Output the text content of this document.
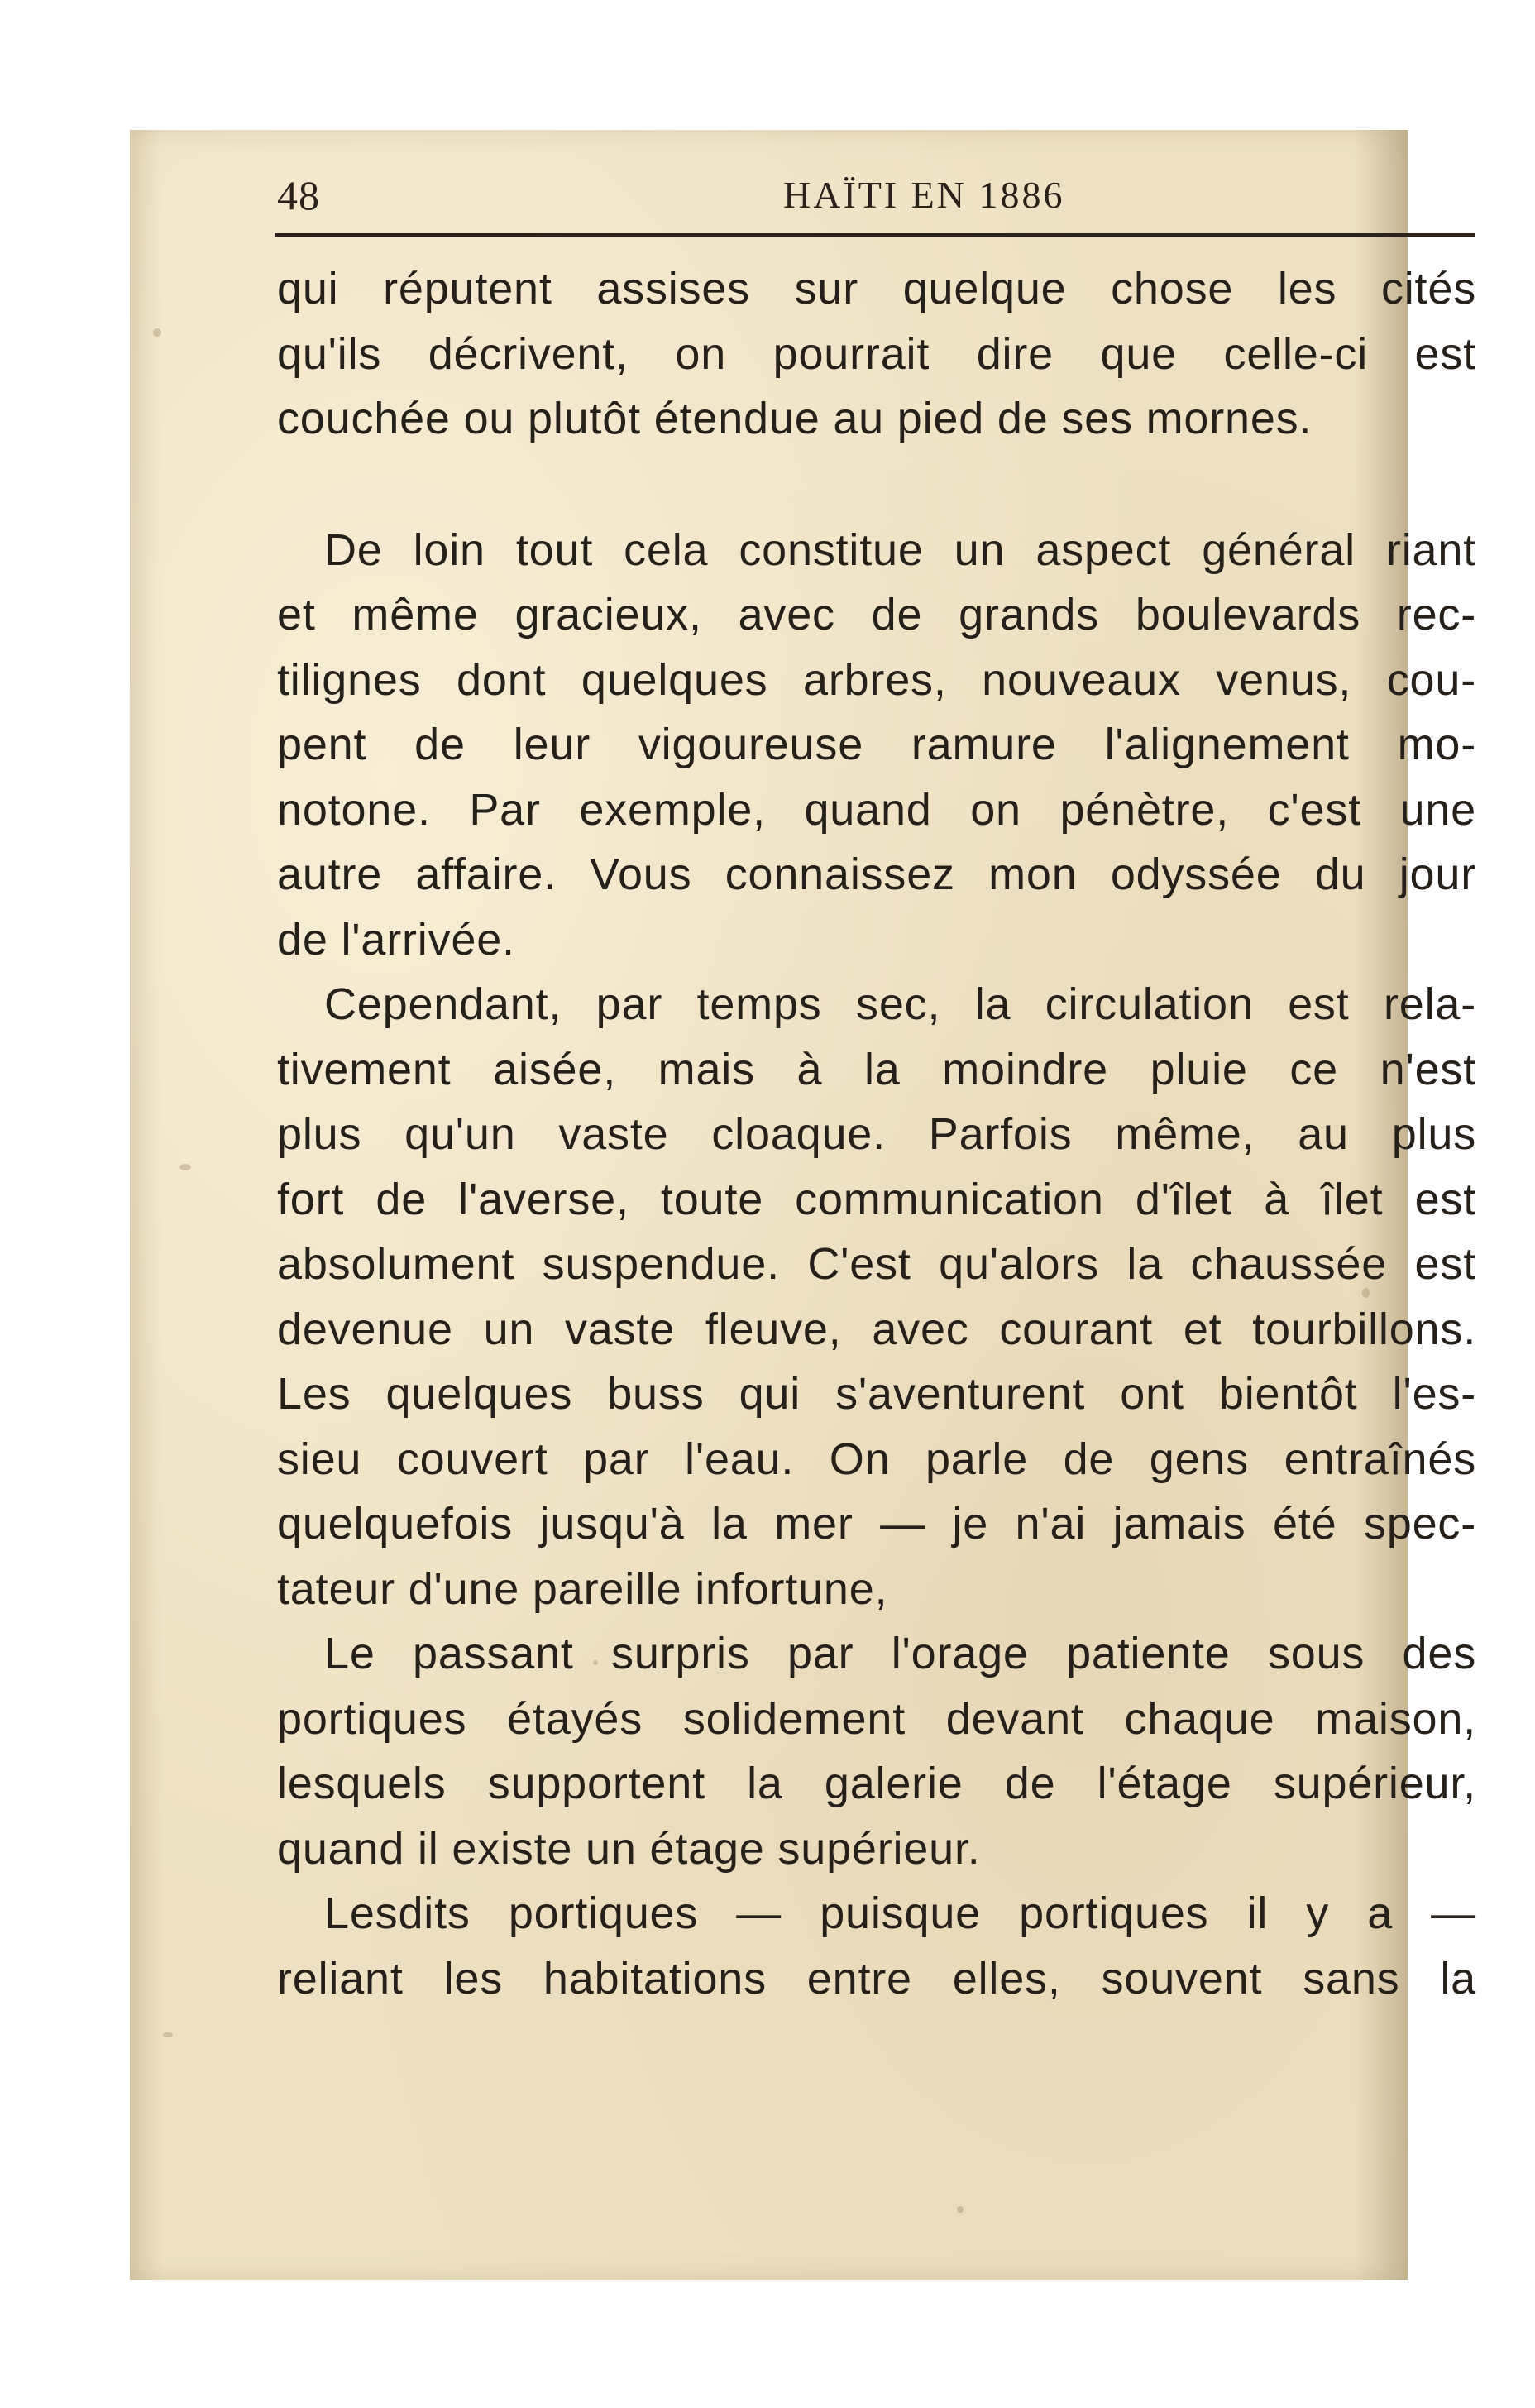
48	HAÏTI EN 1886
qui réputent assises sur quelque chose les cités
qu'ils décrivent, on pourrait dire que celle-ci est
couchée ou plutôt étendue au pied de ses mornes.
De loin tout cela constitue un aspect général riant
et même gracieux, avec de grands boulevards rec-
tilignes dont quelques arbres, nouveaux venus, cou-
pent de leur vigoureuse ramure l'alignement mo-
notone. Par exemple, quand on pénètre, c'est une
autre affaire. Vous connaissez mon odyssée du jour
de l'arrivée.
Cependant, par temps sec, la circulation est rela-
tivement aisée, mais à la moindre pluie ce n'est
plus qu'un vaste cloaque. Parfois même, au plus
fort de l'averse, toute communication d'îlet à îlet est
absolument suspendue. C'est qu'alors la chaussée est
devenue un vaste fleuve, avec courant et tourbillons.
Les quelques buss qui s'aventurent ont bientôt l'es-
sieu couvert par l'eau. On parle de gens entraînés
quelquefois jusqu'à la mer — je n'ai jamais été spec-
tateur d'une pareille infortune,
Le passant surpris par l'orage patiente sous des
portiques étayés solidement devant chaque maison,
lesquels supportent la galerie de l'étage supérieur,
quand il existe un étage supérieur.
Lesdits portiques — puisque portiques il y a —
reliant les habitations entre elles, souvent sans la
